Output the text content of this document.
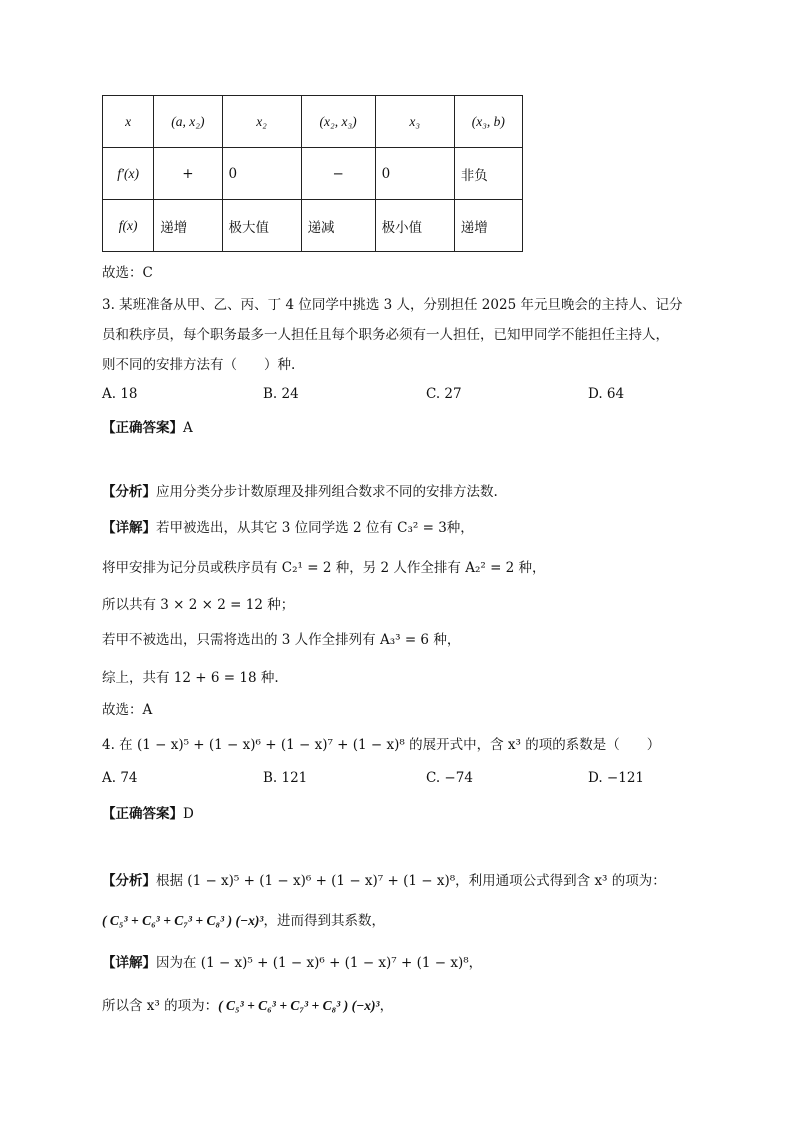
x	(a, x₂)	x₂	(x₂, x₃)	x₃	(x₃, b)
f′(x)	+	0	−	0	非负
f(x)	递增	极大值	递减	极小值	递增
故选：C
3. 某班准备从甲、乙、丙、丁 4 位同学中挑选 3 人，分别担任 2025 年元旦晚会的主持人、记分
员和秩序员，每个职务最多一人担任且每个职务必须有一人担任，已知甲同学不能担任主持人，
则不同的安排方法有（　　）种.
A. 18	B. 24	C. 27	D. 64
【正确答案】A
【分析】应用分类分步计数原理及排列组合数求不同的安排方法数.
【详解】若甲被选出，从其它 3 位同学选 2 位有 C₃² = 3种，
将甲安排为记分员或秩序员有 C₂¹ = 2 种，另 2 人作全排有 A₂² = 2 种，
所以共有 3 × 2 × 2 = 12 种；
若甲不被选出，只需将选出的 3 人作全排列有 A₃³ = 6 种，
综上，共有 12 + 6 = 18 种.
故选：A
4. 在 (1 − x)⁵ + (1 − x)⁶ + (1 − x)⁷ + (1 − x)⁸ 的展开式中，含 x³ 的项的系数是（　　）
A. 74	B. 121	C. −74	D. −121
【正确答案】D
【分析】根据 (1 − x)⁵ + (1 − x)⁶ + (1 − x)⁷ + (1 − x)⁸，利用通项公式得到含 x³ 的项为：
( C₅³ + C₆³ + C₇³ + C₈³ ) (−x)³，进而得到其系数，
【详解】因为在 (1 − x)⁵ + (1 − x)⁶ + (1 − x)⁷ + (1 − x)⁸，
所以含 x³ 的项为：( C₅³ + C₆³ + C₇³ + C₈³ ) (−x)³，
